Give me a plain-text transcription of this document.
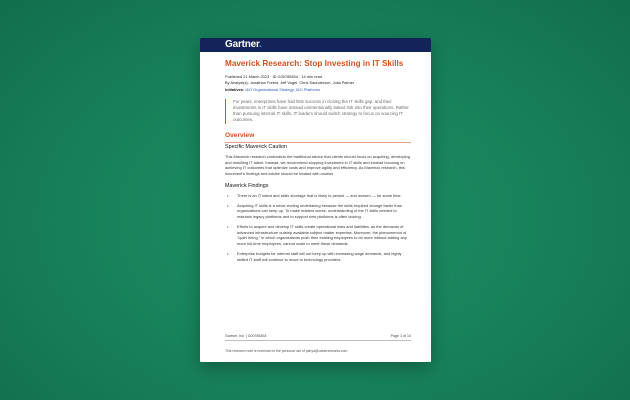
Gartner.
Maverick Research: Stop Investing in IT Skills
Published 21 March 2023 · ID G00785454 · 14 min read
By Analyst(s): Jonathan Forest, Jeff Vogel, Chris Saunderson, Julia Palmer
Initiatives: I&O Organizational Strategy; I&O Platforms
For years, enterprises have had little success in closing the IT skills gap, and their investments in IT skills have instead unintentionally baked risk into their operations. Rather than pursuing internal IT skills, IT leaders should switch strategy to focus on sourcing IT outcomes.
Overview
Specific Maverick Caution
This Maverick research contradicts the traditional advice that clients should focus on acquiring, developing and reskilling IT talent. Instead, we recommend stopping investment in IT skills and instead focusing on achieving IT outcomes that optimize costs and improve agility and efficiency. As Maverick research, this document's findings and advice should be treated with caution.
Maverick Findings
• There is an IT talent and skills shortage that is likely to persist — and worsen — for some time.
• Acquiring IT skills is a never-ending undertaking because the skills required change faster than organizations can keep up. To make matters worse, understanding of the IT skills needed to maintain legacy platforms and to support new platforms is often lacking.
• Efforts to acquire and develop IT skills create operational risks and liabilities, as the demands of advanced infrastructure outstrip available subject matter expertise. Moreover, the phenomenon of "quiet hiring," in which organizations push their existing employees to do more without adding any more full-time employees, cannot scale to meet these demands.
• Enterprise budgets for internal staff will not keep up with increasing wage demands, and highly skilled IT staff will continue to move to technology providers.
Gartner, Inc. | G00785454	Page 1 of 14
This research note is restricted to the personal use of yahya@cablenetworks.com.
